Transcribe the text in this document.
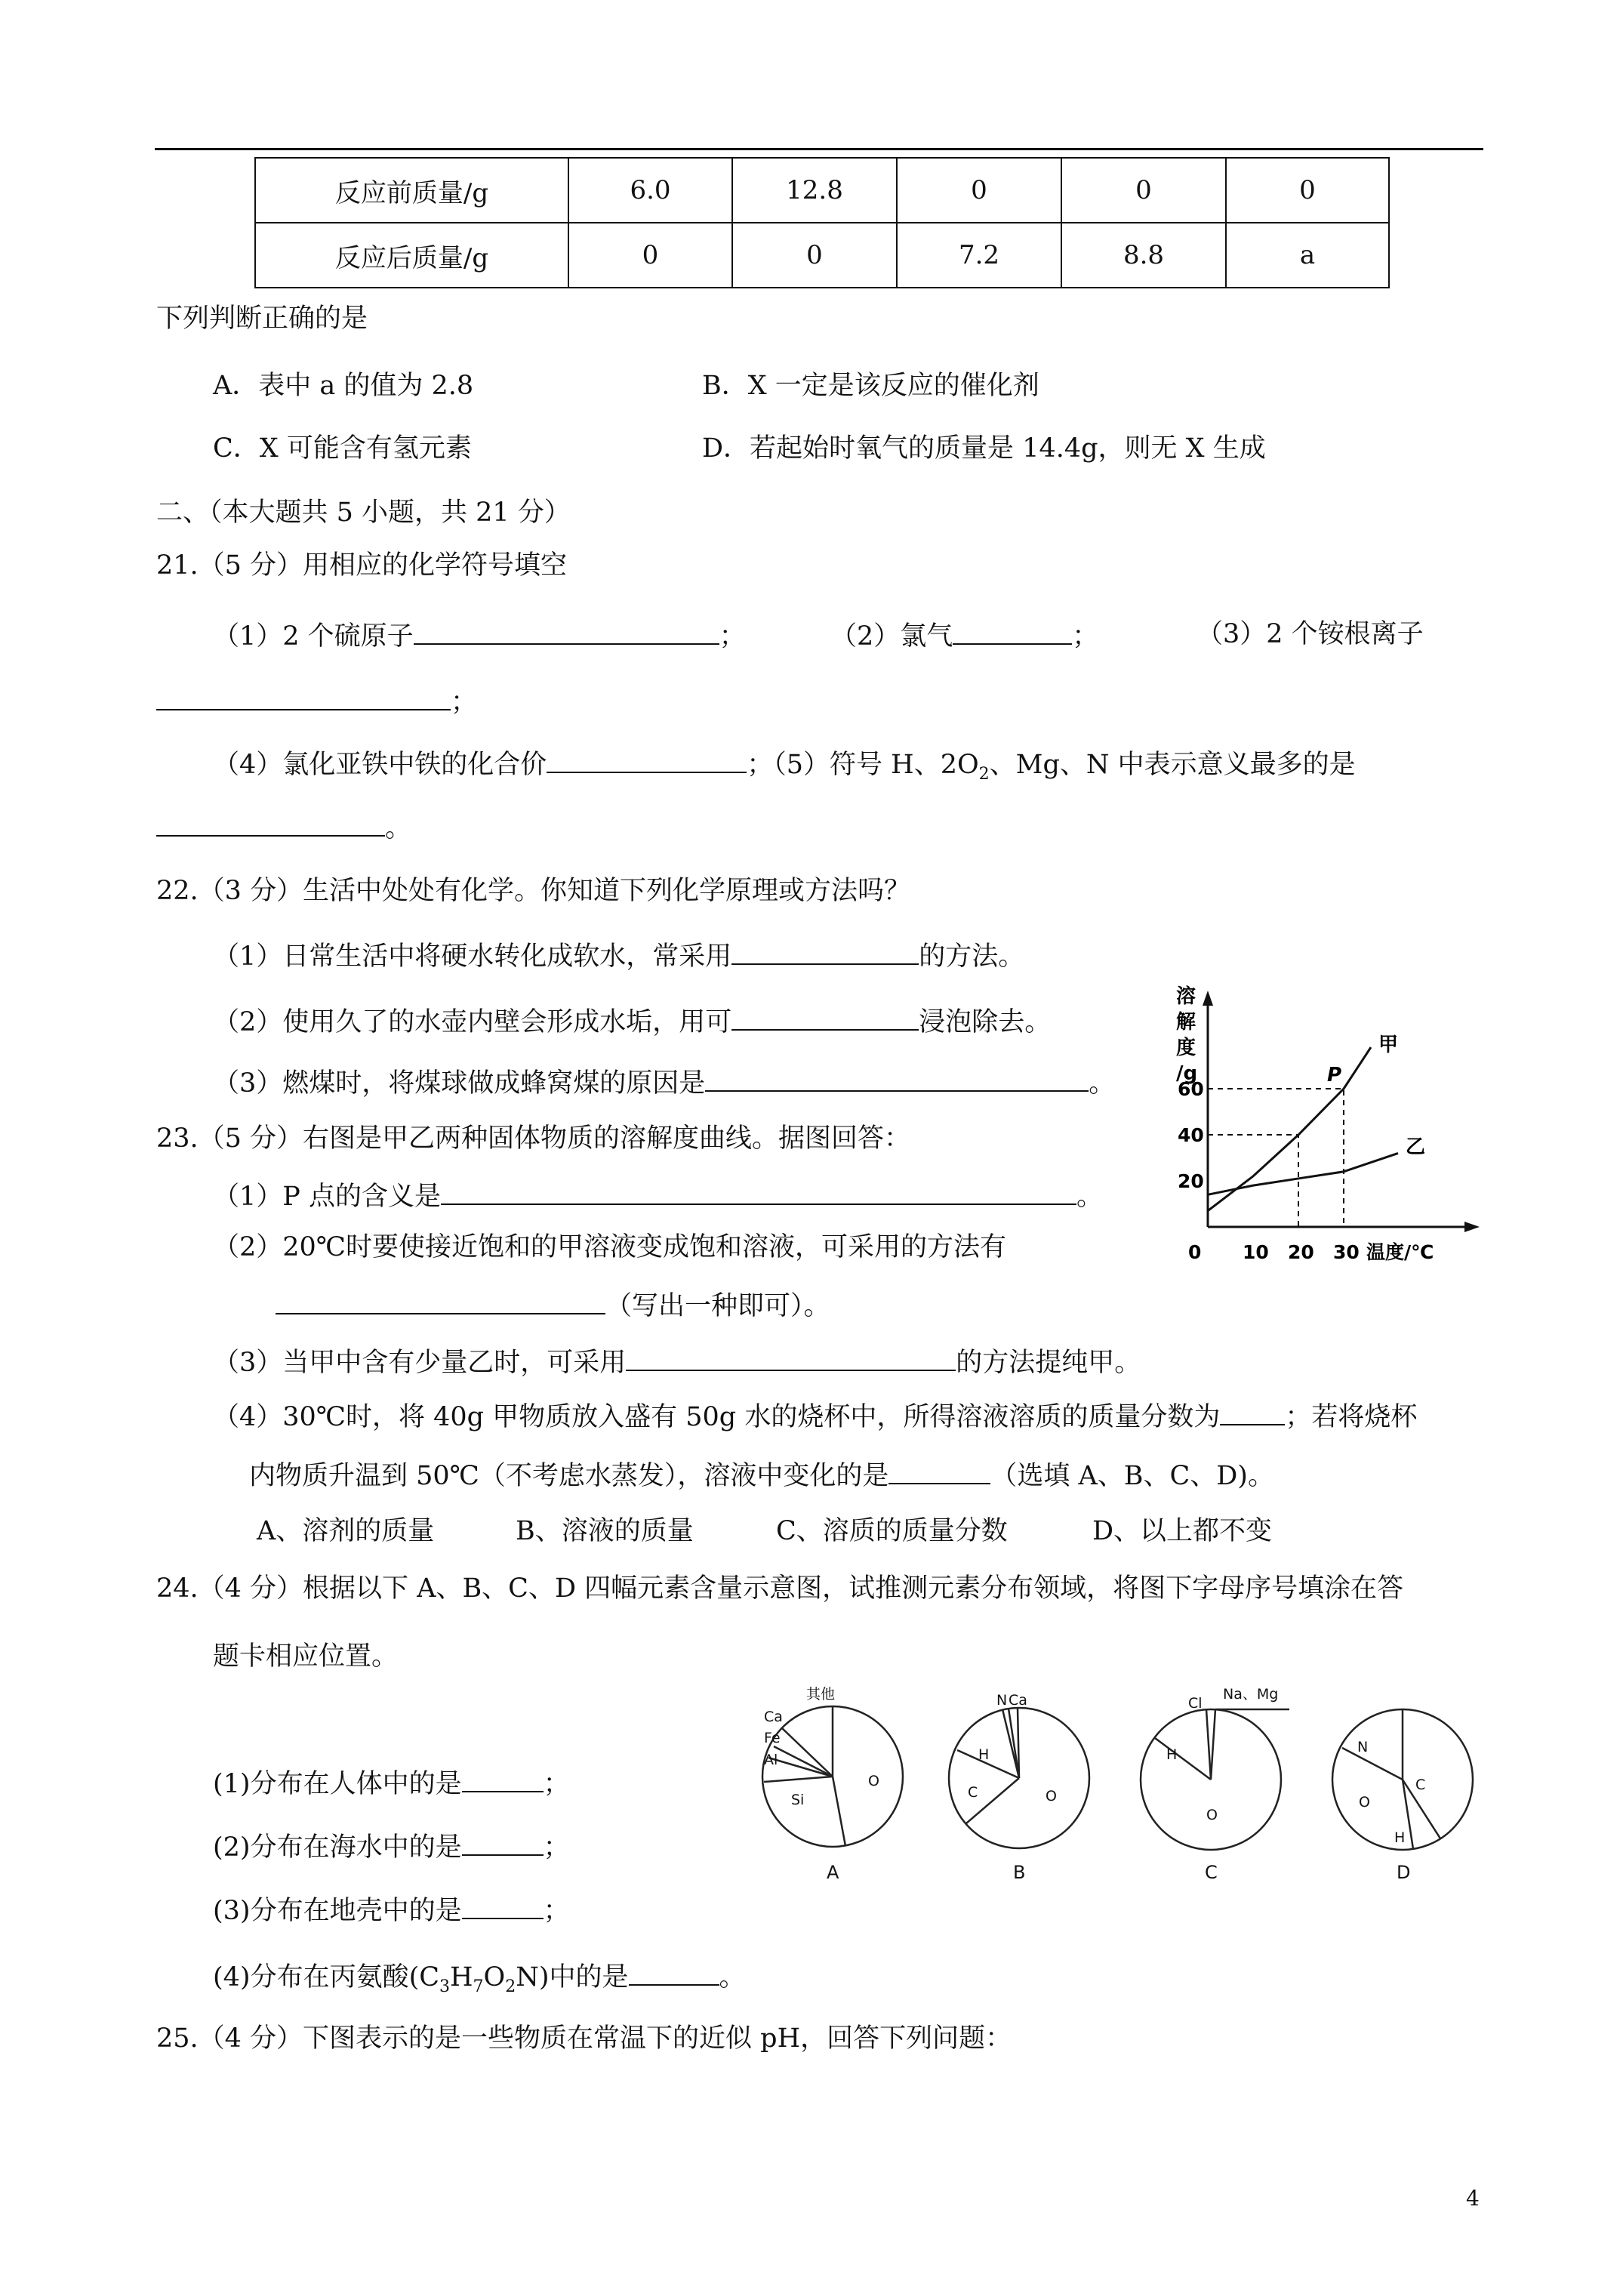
反应前质量/g	6.0	12.8	0	0	0
反应后质量/g	0	0	7.2	8.8	a
下列判断正确的是
A．表中 a 的值为 2.8	B．X 一定是该反应的催化剂
C．X 可能含有氢元素	D．若起始时氧气的质量是 14.4g，则无 X 生成
二、（本大题共 5 小题，共 21 分）
21.（5 分）用相应的化学符号填空
（1）2 个硫原子	；	（2）氯气	；	（3）2 个铵根离子
；
（4）氯化亚铁中铁的化合价	；（5）符号 H、$2O_2$、Mg、N 中表示意义最多的是
。
22.（3 分）生活中处处有化学。你知道下列化学原理或方法吗？
（1）日常生活中将硬水转化成软水，常采用	的方法。
（2）使用久了的水壶内壁会形成水垢，用可	浸泡除去。
（3）燃煤时，将煤球做成蜂窝煤的原因是	。
23.（5 分）右图是甲乙两种固体物质的溶解度曲线。据图回答：
（1）P 点的含义是	。
（2）20℃时要使接近饱和的甲溶液变成饱和溶液，可采用的方法有
（写出一种即可）。
（3）当甲中含有少量乙时，可采用	的方法提纯甲。
（4）30℃时，将 40g 甲物质放入盛有 50g 水的烧杯中，所得溶液溶质的质量分数为 ；若将烧杯
内物质升温到 50℃（不考虑水蒸发），溶液中变化的是	（选填 A、B、C、D)。
A、溶剂的质量	B、溶液的质量	C、溶质的质量分数	D、以上都不变
溶
解
度
/g
0 10 20 30 温度/℃
20
40
60
甲
乙
P
24.（4 分）根据以下 A、B、C、D 四幅元素含量示意图，试推测元素分布领域，将图下字母序号填涂在答
题卡相应位置。
(1)分布在人体中的是	；
(2)分布在海水中的是	；
(3)分布在地壳中的是	；
(4)分布在丙氨酸$(C_3H_7O_2N)$中的是	。
其他
Ca
Fe
Al
Si
O
N Ca
H
C	O
Cl
Na、Mg
H
O
N
C
O
H
A	B	C	D
25.（4 分）下图表示的是一些物质在常温下的近似 pH，回答下列问题：
4
